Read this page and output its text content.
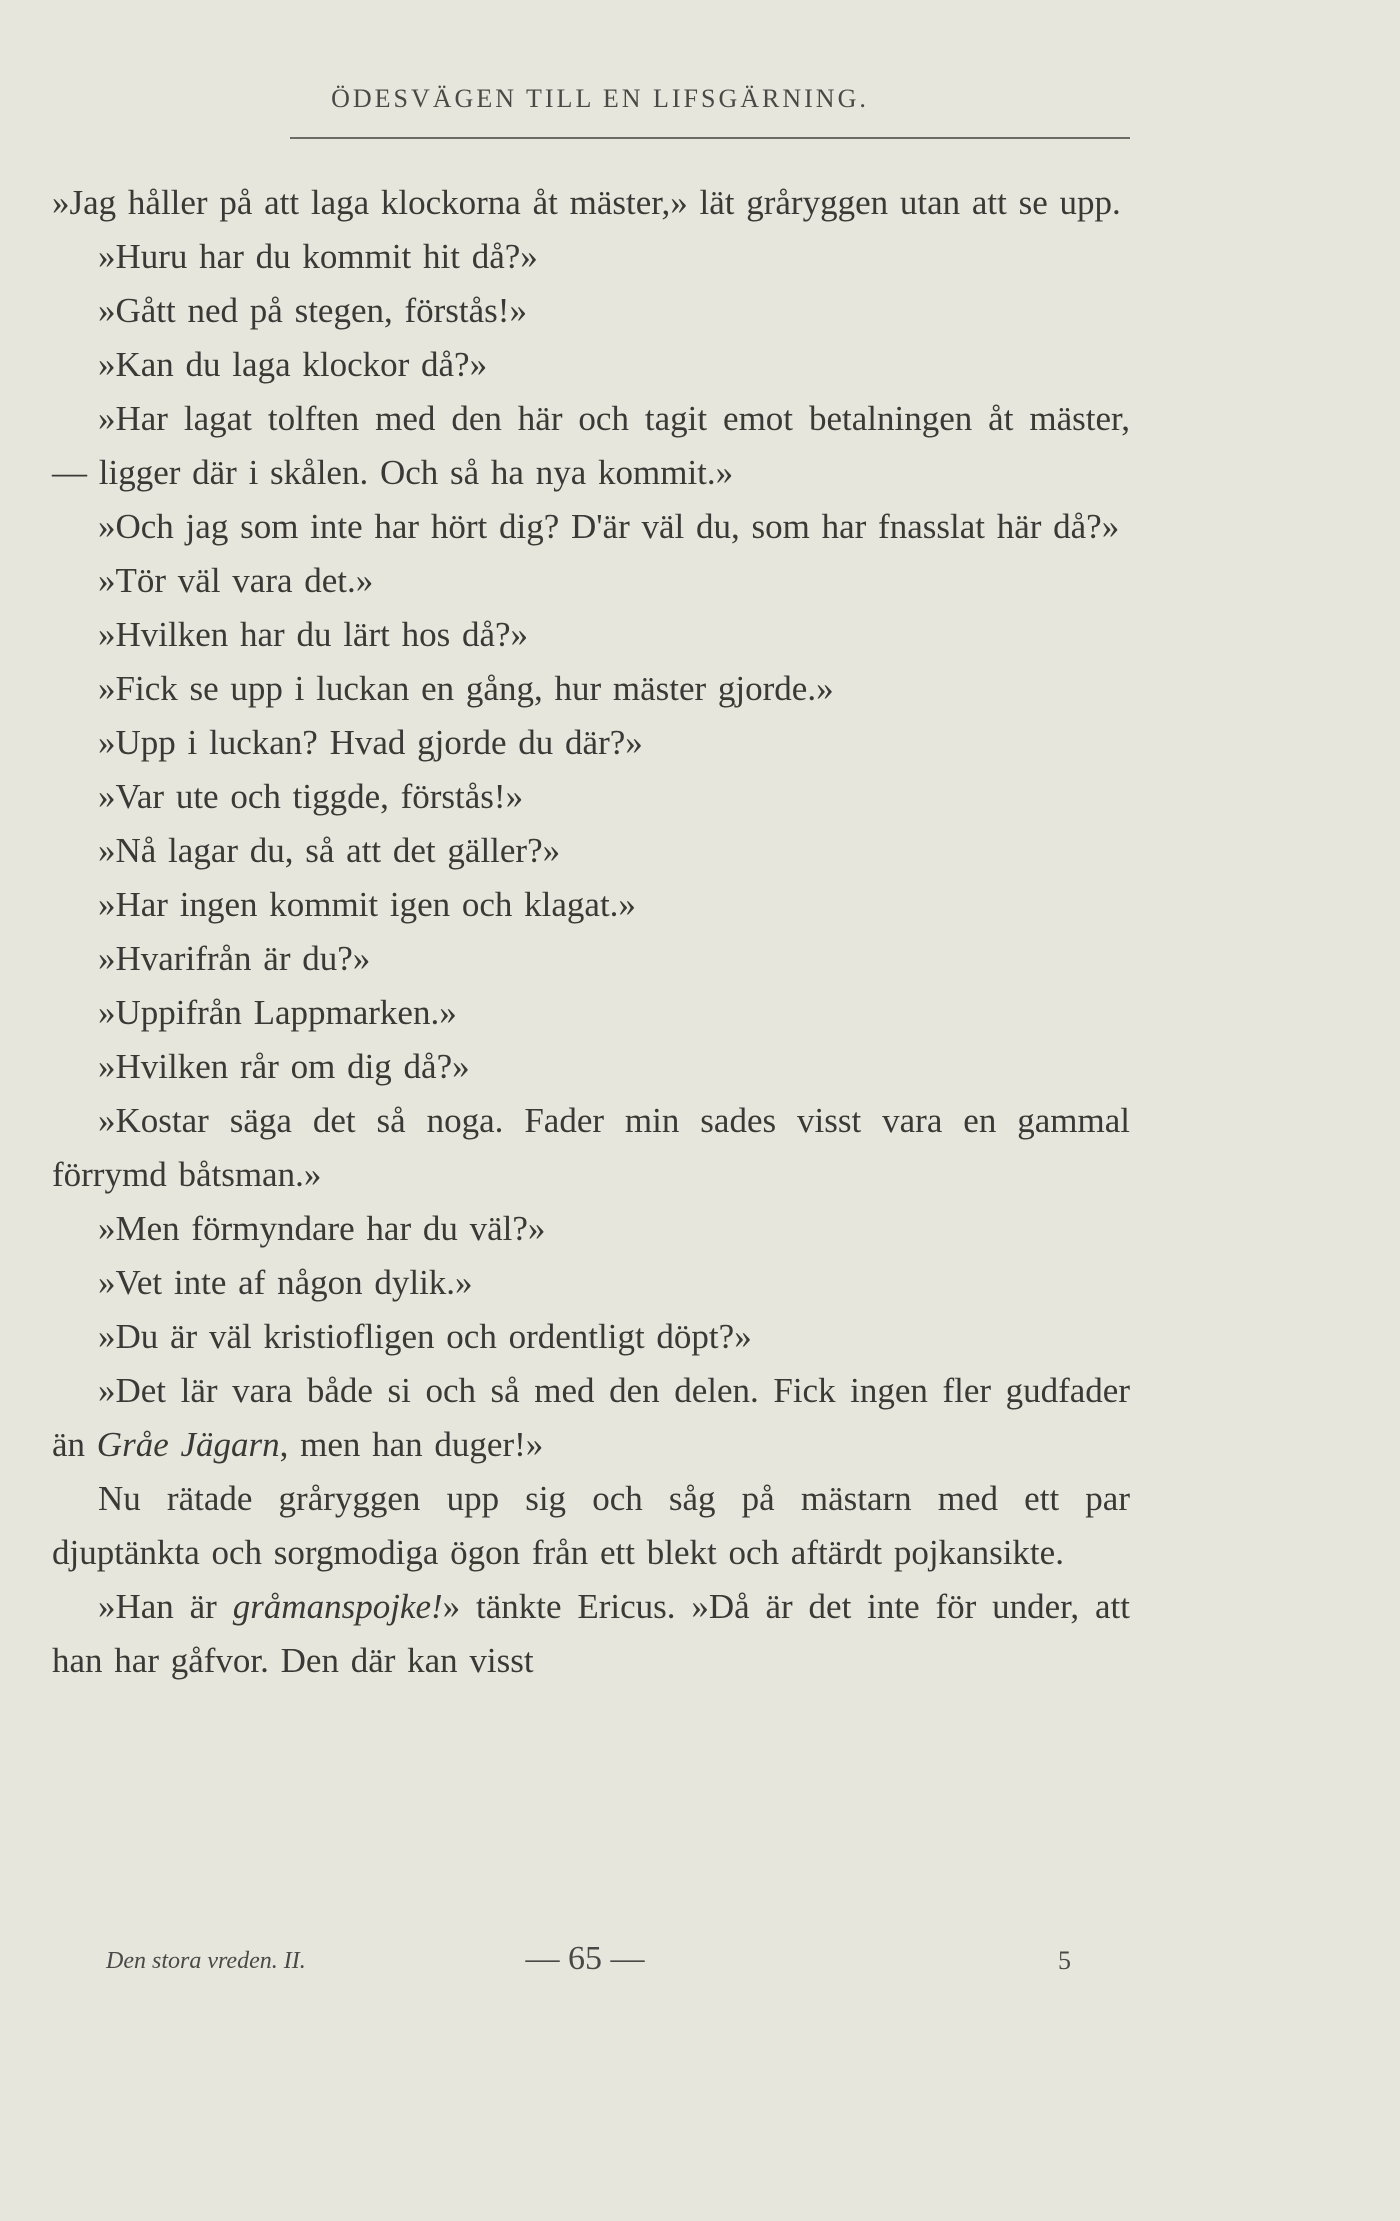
ÖDESVÄGEN TILL EN LIFSGÄRNING.

»Jag håller på att laga klockorna åt mäster,» lät gråryggen utan att se upp.

»Huru har du kommit hit då?»

»Gått ned på stegen, förstås!»

»Kan du laga klockor då?»

»Har lagat tolften med den här och tagit emot betalningen åt mäster, — ligger där i skålen. Och så ha nya kommit.»

»Och jag som inte har hört dig? D'är väl du, som har fnasslat här då?»

»Tör väl vara det.»

»Hvilken har du lärt hos då?»

»Fick se upp i luckan en gång, hur mäster gjorde.»

»Upp i luckan? Hvad gjorde du där?»

»Var ute och tiggde, förstås!»

»Nå lagar du, så att det gäller?»

»Har ingen kommit igen och klagat.»

»Hvarifrån är du?»

»Uppifrån Lappmarken.»

»Hvilken rår om dig då?»

»Kostar säga det så noga. Fader min sades visst vara en gammal förrymd båtsman.»

»Men förmyndare har du väl?»

»Vet inte af någon dylik.»

»Du är väl kristiofligen och ordentligt döpt?»

»Det lär vara både si och så med den delen. Fick ingen fler gudfader än Gråe Jägarn, men han duger!»

Nu rätade gråryggen upp sig och såg på mästarn med ett par djuptänkta och sorgmodiga ögon från ett blekt och aftärdt pojkansikte.

»Han är gråmanspojke!» tänkte Ericus. »Då är det inte för under, att han har gåfvor. Den där kan visst

Den stora vreden. II.	— 65 —	5
